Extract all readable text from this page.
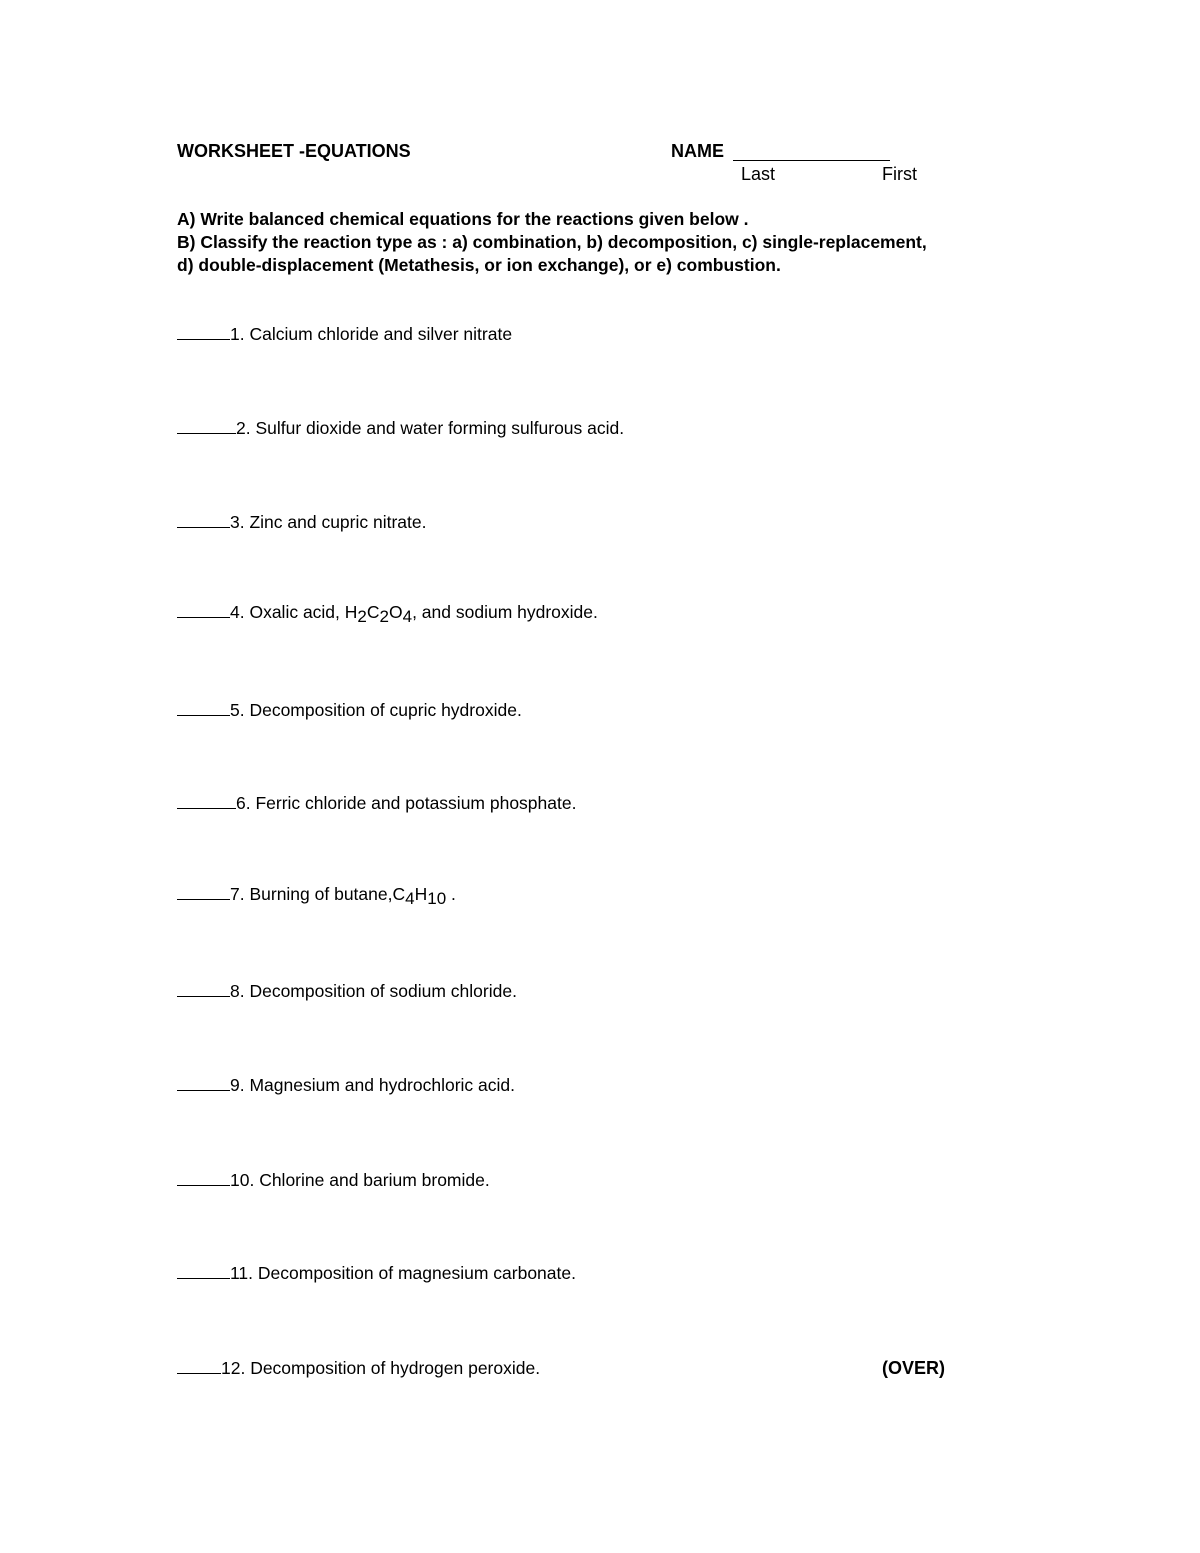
WORKSHEET -EQUATIONS	NAME
Last	First
A) Write balanced chemical equations for the reactions given below .
B) Classify the reaction type as : a) combination, b) decomposition, c) single-replacement,
d) double-displacement (Metathesis, or ion exchange), or e) combustion.
1. Calcium chloride and silver nitrate
2. Sulfur dioxide and water forming sulfurous acid.
3. Zinc and cupric nitrate.
4. Oxalic acid, H2C2O4, and sodium hydroxide.
5. Decomposition of cupric hydroxide.
6. Ferric chloride and potassium phosphate.
7. Burning of butane,C4H10 .
8. Decomposition of sodium chloride.
9. Magnesium and hydrochloric acid.
10. Chlorine and barium bromide.
11. Decomposition of magnesium carbonate.
12. Decomposition of hydrogen peroxide.	(OVER)
